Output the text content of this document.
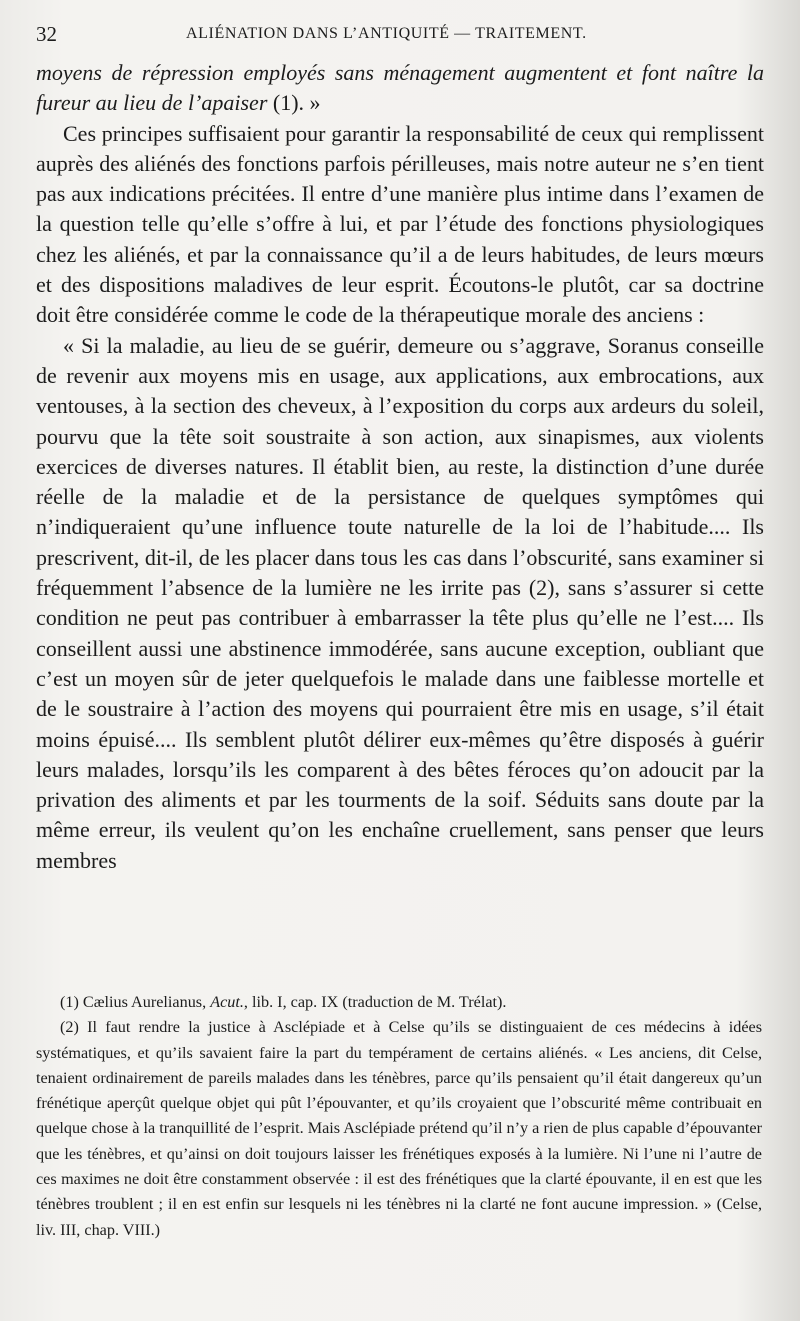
32	ALIÉNATION DANS L’ANTIQUITÉ — TRAITEMENT.

moyens de répression employés sans ménagement augmentent et font naître la fureur au lieu de l’apaiser (1). »

Ces principes suffisaient pour garantir la responsabilité de ceux qui remplissent auprès des aliénés des fonctions parfois périlleuses, mais notre auteur ne s’en tient pas aux indications précitées. Il entre d’une manière plus intime dans l’examen de la question telle qu’elle s’offre à lui, et par l’étude des fonctions physiologiques chez les aliénés, et par la connaissance qu’il a de leurs habitudes, de leurs mœurs et des dispositions maladives de leur esprit. Écoutons-le plutôt, car sa doctrine doit être considérée comme le code de la thérapeutique morale des anciens :

« Si la maladie, au lieu de se guérir, demeure ou s’aggrave, Soranus conseille de revenir aux moyens mis en usage, aux applications, aux embrocations, aux ventouses, à la section des cheveux, à l’exposition du corps aux ardeurs du soleil, pourvu que la tête soit soustraite à son action, aux sinapismes, aux violents exercices de diverses natures. Il établit bien, au reste, la distinction d’une durée réelle de la maladie et de la persistance de quelques symptômes qui n’indiqueraient qu’une influence toute naturelle de la loi de l’habitude.... Ils prescrivent, dit-il, de les placer dans tous les cas dans l’obscurité, sans examiner si fréquemment l’absence de la lumière ne les irrite pas (2), sans s’assurer si cette condition ne peut pas contribuer à embarrasser la tête plus qu’elle ne l’est.... Ils conseillent aussi une abstinence immodérée, sans aucune exception, oubliant que c’est un moyen sûr de jeter quelquefois le malade dans une faiblesse mortelle et de le soustraire à l’action des moyens qui pourraient être mis en usage, s’il était moins épuisé.... Ils semblent plutôt délirer eux-mêmes qu’être disposés à guérir leurs malades, lorsqu’ils les comparent à des bêtes féroces qu’on adoucit par la privation des aliments et par les tourments de la soif. Séduits sans doute par la même erreur, ils veulent qu’on les enchaîne cruellement, sans penser que leurs membres

(1) Cælius Aurelianus, Acut., lib. I, cap. IX (traduction de M. Trélat).

(2) Il faut rendre la justice à Asclépiade et à Celse qu’ils se distinguaient de ces médecins à idées systématiques, et qu’ils savaient faire la part du tempérament de certains aliénés. « Les anciens, dit Celse, tenaient ordinairement de pareils malades dans les ténèbres, parce qu’ils pensaient qu’il était dangereux qu’un frénétique aperçût quelque objet qui pût l’épouvanter, et qu’ils croyaient que l’obscurité même contribuait en quelque chose à la tranquillité de l’esprit. Mais Asclépiade prétend qu’il n’y a rien de plus capable d’épouvanter que les ténèbres, et qu’ainsi on doit toujours laisser les frénétiques exposés à la lumière. Ni l’une ni l’autre de ces maximes ne doit être constamment observée : il est des frénétiques que la clarté épouvante, il en est que les ténèbres troublent ; il en est enfin sur lesquels ni les ténèbres ni la clarté ne font aucune impression. » (Celse, liv. III, chap. VIII.)
